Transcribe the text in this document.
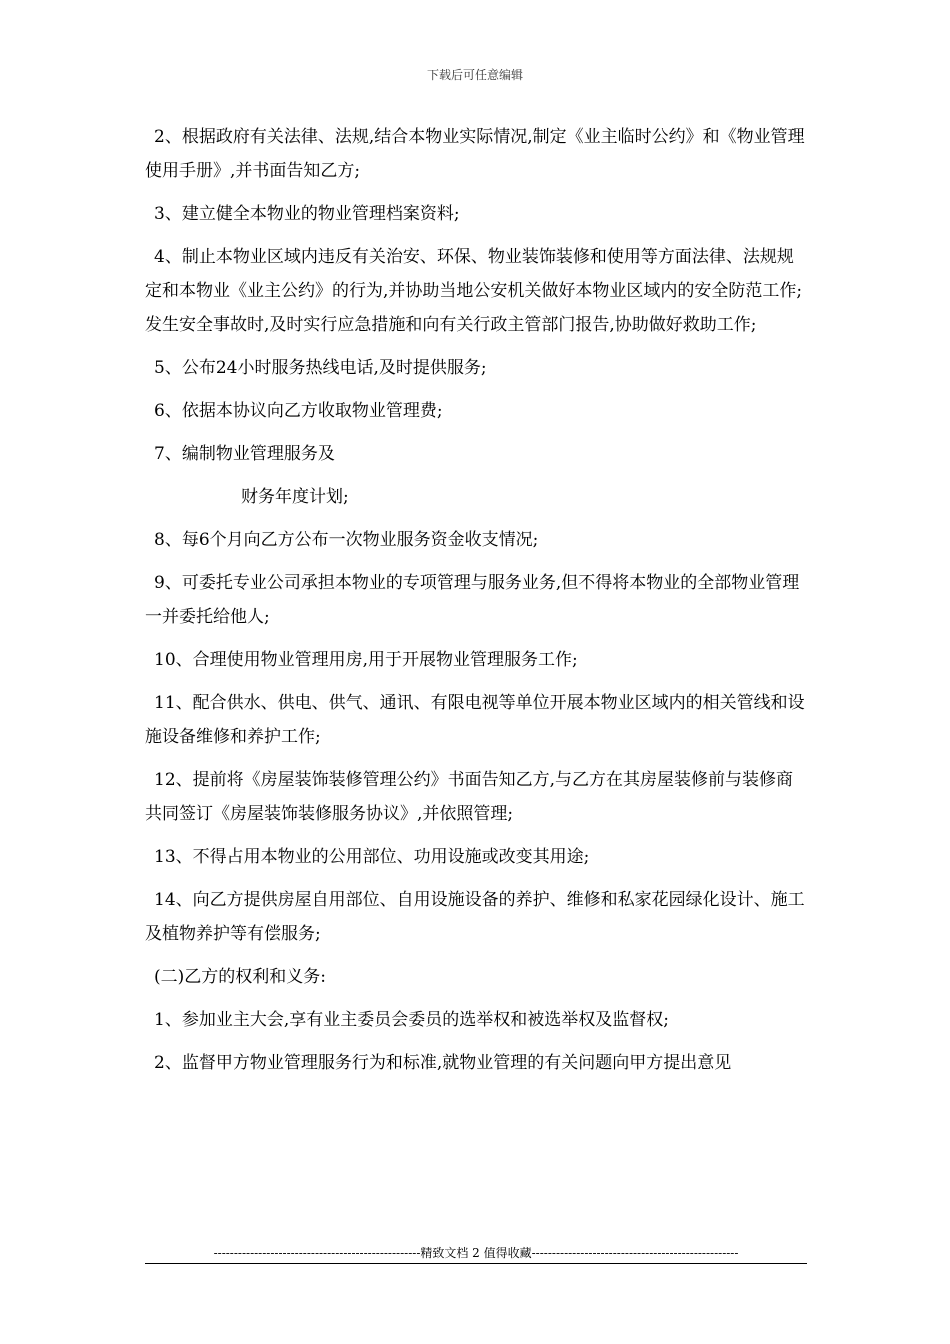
下载后可任意编辑

2、根据政府有关法律、法规,结合本物业实际情况,制定《业主临时公约》和《物业管理使用手册》,并书面告知乙方;

3、建立健全本物业的物业管理档案资料;

4、制止本物业区域内违反有关治安、环保、物业装饰装修和使用等方面法律、法规规定和本物业《业主公约》的行为,并协助当地公安机关做好本物业区域内的安全防范工作;发生安全事故时,及时实行应急措施和向有关行政主管部门报告,协助做好救助工作;

5、公布24小时服务热线电话,及时提供服务;

6、依据本协议向乙方收取物业管理费;

7、编制物业管理服务及

财务年度计划;

8、每6个月向乙方公布一次物业服务资金收支情况;

9、可委托专业公司承担本物业的专项管理与服务业务,但不得将本物业的全部物业管理一并委托给他人;

10、合理使用物业管理用房,用于开展物业管理服务工作;

11、配合供水、供电、供气、通讯、有限电视等单位开展本物业区域内的相关管线和设施设备维修和养护工作;

12、提前将《房屋装饰装修管理公约》书面告知乙方,与乙方在其房屋装修前与装修商共同签订《房屋装饰装修服务协议》,并依照管理;

13、不得占用本物业的公用部位、功用设施或改变其用途;

14、向乙方提供房屋自用部位、自用设施设备的养护、维修和私家花园绿化设计、施工及植物养护等有偿服务;

(二)乙方的权利和义务:

1、参加业主大会,享有业主委员会委员的选举权和被选举权及监督权;

2、监督甲方物业管理服务行为和标准,就物业管理的有关问题向甲方提出意见

---------------------------------------------------精致文档 2 值得收藏---------------------------------------------------
